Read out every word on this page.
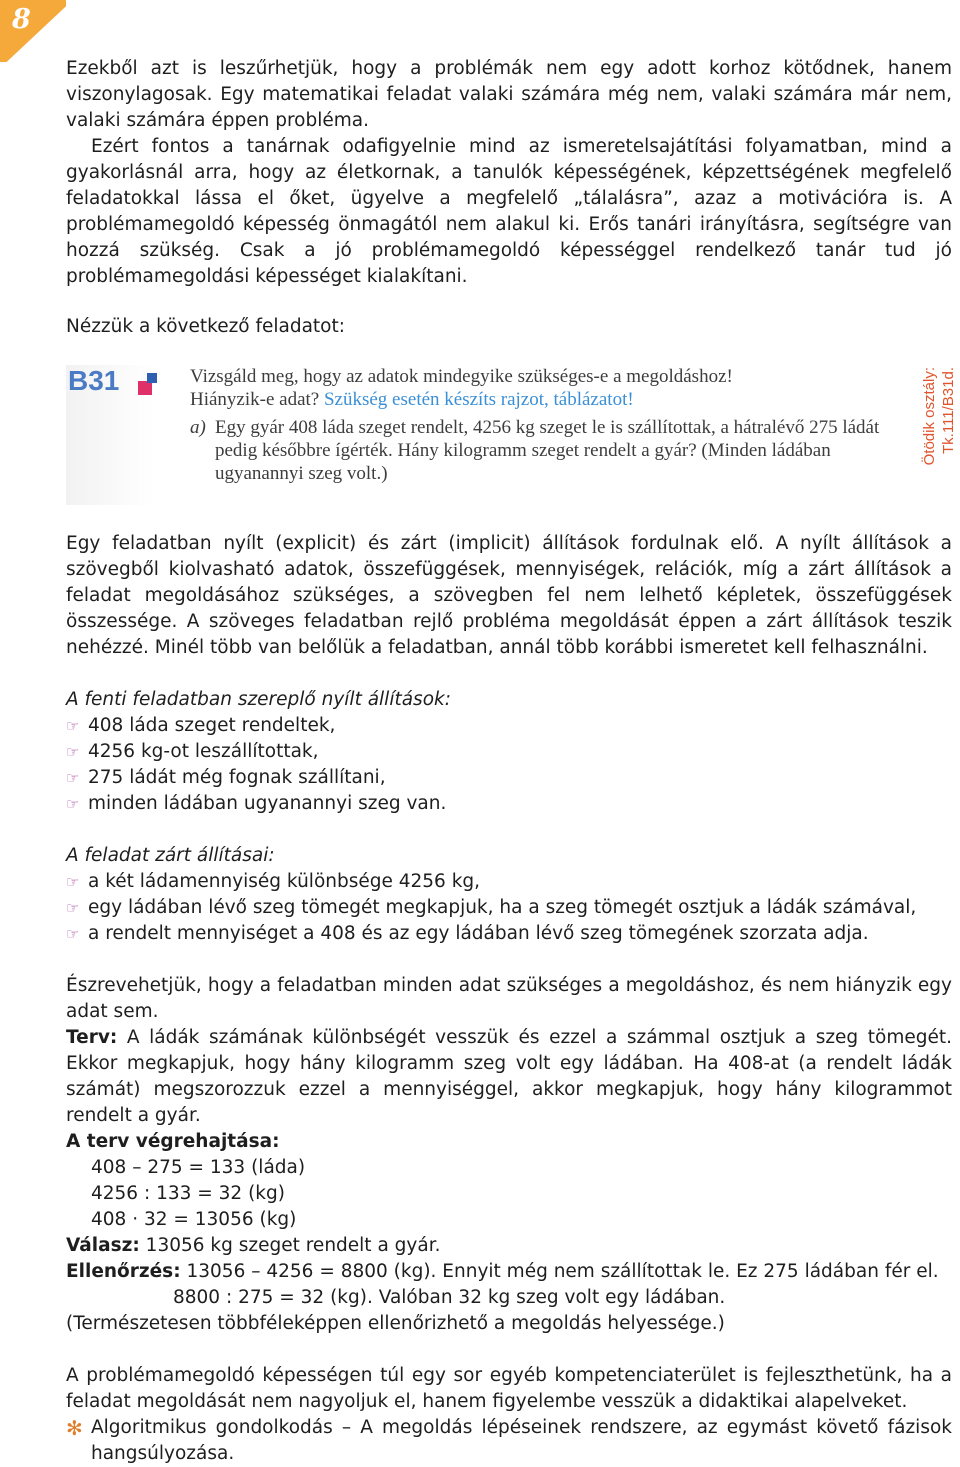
8

Ezekből azt is leszűrhetjük, hogy a problémák nem egy adott korhoz kötődnek, hanem viszonylagosak. Egy matematikai feladat valaki számára még nem, valaki számára már nem, valaki számára éppen probléma.

Ezért fontos a tanárnak odafigyelnie mind az ismeretelsajátítási folyamatban, mind a gyakorlásnál arra, hogy az életkornak, a tanulók képességének, képzettségének megfelelő feladatokkal lássa el őket, ügyelve a megfelelő „tálalásra”, azaz a motivációra is. A problémamegoldó képesség önmagától nem alakul ki. Erős tanári irányításra, segítségre van hozzá szükség. Csak a jó problémamegoldó képességgel rendelkező tanár tud jó problémamegoldási képességet kialakítani.

Nézzük a következő feladatot:

B31	Vizsgáld meg, hogy az adatok mindegyike szükséges-e a megoldáshoz!
Hiányzik-e adat? Szükség esetén készíts rajzot, táblázatot!
a) Egy gyár 408 láda szeget rendelt, 4256 kg szeget le is szállítottak, a hátralévő 275 ládát pedig későbbre ígérték. Hány kilogramm szeget rendelt a gyár? (Minden ládában ugyanannyi szeg volt.)
Ötödik osztály: Tk.111/B31d.

Egy feladatban nyílt (explicit) és zárt (implicit) állítások fordulnak elő. A nyílt állítások a szövegből kiolvasható adatok, összefüggések, mennyiségek, relációk, míg a zárt állítások a feladat megoldásához szükséges, a szövegben fel nem lelhető képletek, összefüggések összessége. A szöveges feladatban rejlő probléma megoldását éppen a zárt állítások teszik nehézzé. Minél több van belőlük a feladatban, annál több korábbi ismeretet kell felhasználni.

A fenti feladatban szereplő nyílt állítások:

☞ 408 láda szeget rendeltek,
☞ 4256 kg-ot leszállítottak,
☞ 275 ládát még fognak szállítani,
☞ minden ládában ugyanannyi szeg van.

A feladat zárt állításai:

☞ a két ládamennyiség különbsége 4256 kg,
☞ egy ládában lévő szeg tömegét megkapjuk, ha a szeg tömegét osztjuk a ládák számával,
☞ a rendelt mennyiséget a 408 és az egy ládában lévő szeg tömegének szorzata adja.

Észrevehetjük, hogy a feladatban minden adat szükséges a megoldáshoz, és nem hiányzik egy adat sem.

Terv: A ládák számának különbségét vesszük és ezzel a számmal osztjuk a szeg tömegét. Ekkor megkapjuk, hogy hány kilogramm szeg volt egy ládában. Ha 408-at (a rendelt ládák számát) megszorozzuk ezzel a mennyiséggel, akkor megkapjuk, hogy hány kilogrammot rendelt a gyár.

A terv végrehajtása:

408 – 275 = 133 (láda)
4256 : 133 = 32 (kg)
408 · 32 = 13056 (kg)

Válasz: 13056 kg szeget rendelt a gyár.

Ellenőrzés: 13056 – 4256 = 8800 (kg). Ennyit még nem szállítottak le. Ez 275 ládában fér el.

8800 : 275 = 32 (kg). Valóban 32 kg szeg volt egy ládában.

(Természetesen többféleképpen ellenőrizhető a megoldás helyessége.)

A problémamegoldó képességen túl egy sor egyéb kompetenciaterület is fejleszthetünk, ha a feladat megoldását nem nagyoljuk el, hanem figyelembe vesszük a didaktikai alapelveket.

✻ Algoritmikus gondolkodás – A megoldás lépéseinek rendszere, az egymást követő fázisok hangsúlyozása.
